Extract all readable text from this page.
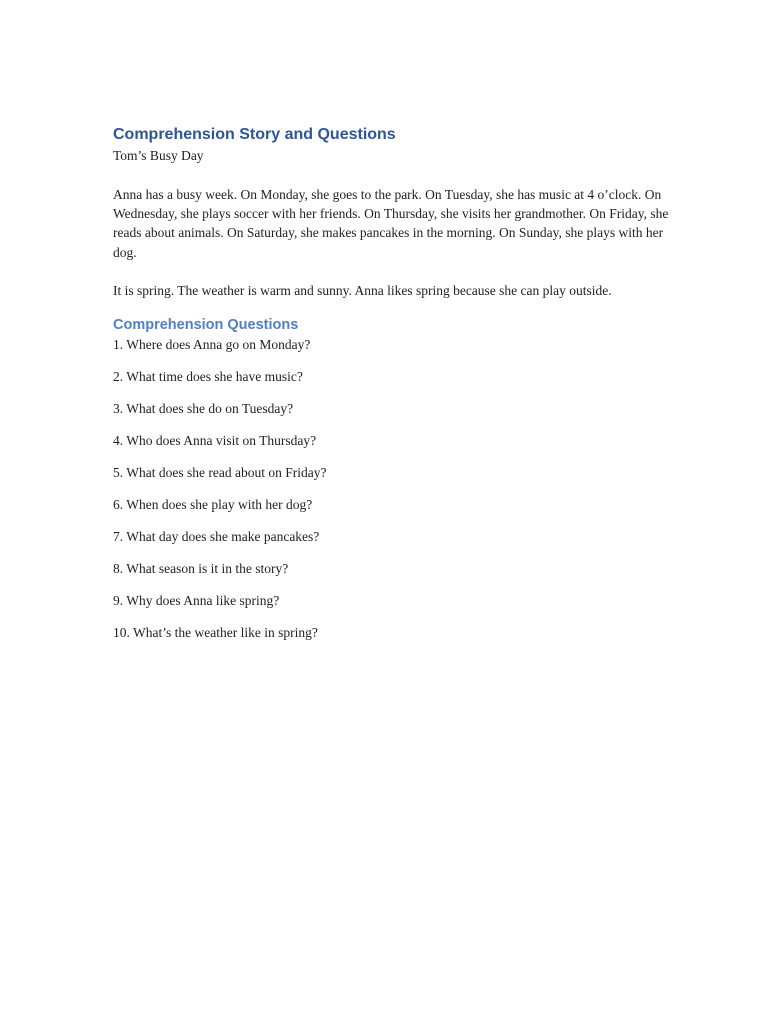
Comprehension Story and Questions

Tom’s Busy Day

Anna has a busy week. On Monday, she goes to the park. On Tuesday, she has music at 4 o’clock. On Wednesday, she plays soccer with her friends. On Thursday, she visits her grandmother. On Friday, she reads about animals. On Saturday, she makes pancakes in the morning. On Sunday, she plays with her dog.

It is spring. The weather is warm and sunny. Anna likes spring because she can play outside.

Comprehension Questions
1. Where does Anna go on Monday?
2. What time does she have music?
3. What does she do on Tuesday?
4. Who does Anna visit on Thursday?
5. What does she read about on Friday?
6. When does she play with her dog?
7. What day does she make pancakes?
8. What season is it in the story?
9. Why does Anna like spring?
10. What’s the weather like in spring?
